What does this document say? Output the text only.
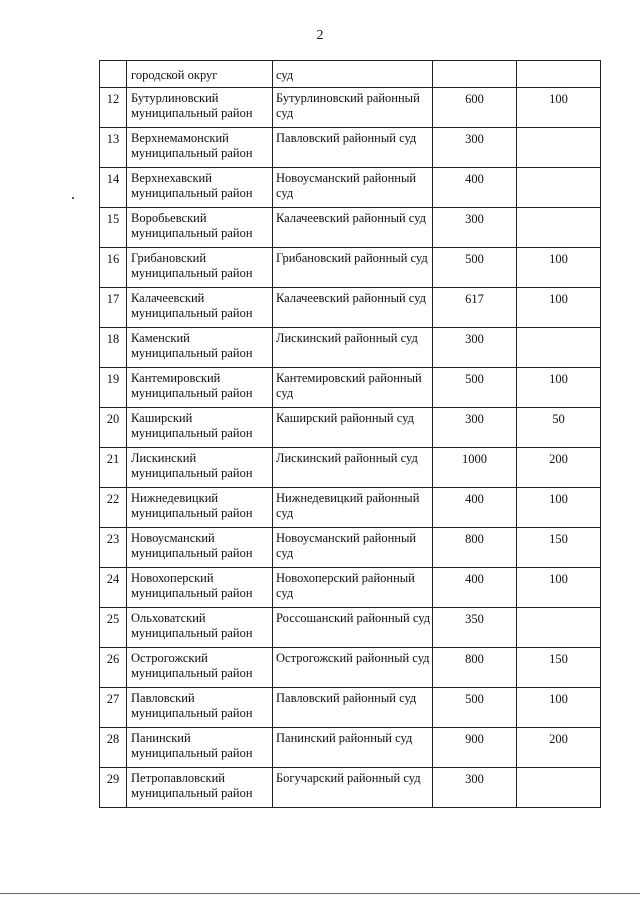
2
	городской округ	суд		
12	Бутурлиновский муниципальный район	Бутурлиновский районный суд	600	100
13	Верхнемамонский муниципальный район	Павловский районный суд	300	
14	Верхнехавский муниципальный район	Новоусманский районный суд	400	
15	Воробьевский муниципальный район	Калачеевский районный суд	300	
16	Грибановский муниципальный район	Грибановский районный суд	500	100
17	Калачеевский муниципальный район	Калачеевский районный суд	617	100
18	Каменский муниципальный район	Лискинский районный суд	300	
19	Кантемировский муниципальный район	Кантемировский районный суд	500	100
20	Каширский муниципальный район	Каширский районный суд	300	50
21	Лискинский муниципальный район	Лискинский районный суд	1000	200
22	Нижнедевицкий муниципальный район	Нижнедевицкий районный суд	400	100
23	Новоусманский муниципальный район	Новоусманский районный суд	800	150
24	Новохоперский муниципальный район	Новохоперский районный суд	400	100
25	Ольховатский муниципальный район	Россошанский районный суд	350	
26	Острогожский муниципальный район	Острогожский районный суд	800	150
27	Павловский муниципальный район	Павловский районный суд	500	100
28	Панинский муниципальный район	Панинский районный суд	900	200
29	Петропавловский муниципальный район	Богучарский районный суд	300	
